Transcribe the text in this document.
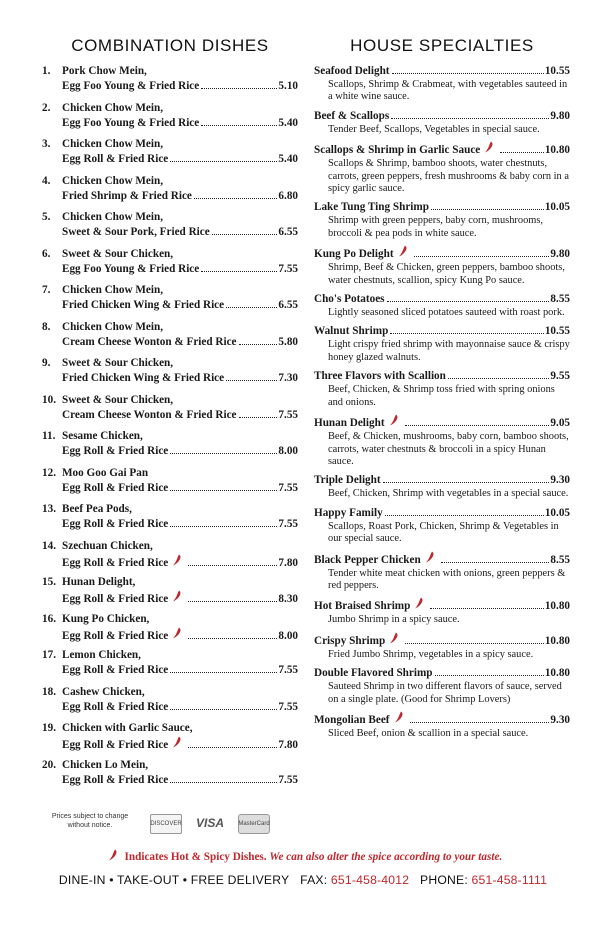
COMBINATION DISHES
1.	Pork Chow Mein,
Egg Foo Young & Fried Rice	5.10
2.	Chicken Chow Mein,
Egg Foo Young & Fried Rice	5.40
3.	Chicken Chow Mein,
Egg Roll & Fried Rice	5.40
4.	Chicken Chow Mein,
Fried Shrimp & Fried Rice	6.80
5.	Chicken Chow Mein,
Sweet & Sour Pork, Fried Rice	6.55
6.	Sweet & Sour Chicken,
Egg Foo Young & Fried Rice	7.55
7.	Chicken Chow Mein,
Fried Chicken Wing & Fried Rice	6.55
8.	Chicken Chow Mein,
Cream Cheese Wonton & Fried Rice	5.80
9.	Sweet & Sour Chicken,
Fried Chicken Wing & Fried Rice	7.30
10. Sweet & Sour Chicken,
Cream Cheese Wonton & Fried Rice	7.55
11. Sesame Chicken,
Egg Roll & Fried Rice	8.00
12. Moo Goo Gai Pan
Egg Roll & Fried Rice	7.55
13. Beef Pea Pods,
Egg Roll & Fried Rice	7.55
14. Szechuan Chicken,
Egg Roll & Fried Rice	7.80
15. Hunan Delight,
Egg Roll & Fried Rice	8.30
16. Kung Po Chicken,
Egg Roll & Fried Rice	8.00
17. Lemon Chicken,
Egg Roll & Fried Rice	7.55
18. Cashew Chicken,
Egg Roll & Fried Rice	7.55
19. Chicken with Garlic Sauce,
Egg Roll & Fried Rice	7.80
20. Chicken Lo Mein,
Egg Roll & Fried Rice	7.55
HOUSE SPECIALTIES
Seafood Delight	10.55
Scallops, Shrimp & Crabmeat, with vegetables sauteed in a white wine sauce.
Beef & Scallops	9.80
Tender Beef, Scallops, Vegetables in special sauce.
Scallops & Shrimp in Garlic Sauce	10.80
Scallops & Shrimp, bamboo shoots, water chestnuts, carrots, green peppers, fresh mushrooms & baby corn in a spicy garlic sauce.
Lake Tung Ting Shrimp	10.05
Shrimp with green peppers, baby corn, mushrooms, broccoli & pea pods in white sauce.
Kung Po Delight	9.80
Shrimp, Beef & Chicken, green peppers, bamboo shoots, water chestnuts, scallion, spicy Kung Po sauce.
Cho's Potatoes	8.55
Lightly seasoned sliced potatoes sauteed with roast pork.
Walnut Shrimp	10.55
Light crispy fried shrimp with mayonnaise sauce & crispy honey glazed walnuts.
Three Flavors with Scallion	9.55
Beef, Chicken, & Shrimp toss fried with spring onions and onions.
Hunan Delight	9.05
Beef, & Chicken, mushrooms, baby corn, bamboo shoots, carrots, water chestnuts & broccoli in a spicy Hunan sauce.
Triple Delight	9.30
Beef, Chicken, Shrimp with vegetables in a special sauce.
Happy Family	10.05
Scallops, Roast Pork, Chicken, Shrimp & Vegetables in our special sauce.
Black Pepper Chicken	8.55
Tender white meat chicken with onions, green peppers & red peppers.
Hot Braised Shrimp	10.80
Jumbo Shrimp in a spicy sauce.
Crispy Shrimp	10.80
Fried Jumbo Shrimp, vegetables in a spicy sauce.
Double Flavored Shrimp	10.80
Sauteed Shrimp in two different flavors of sauce, served on a single plate. (Good for Shrimp Lovers)
Mongolian Beef	9.30
Sliced Beef, onion & scallion in a special sauce.
Prices subject to change
without notice.	DISCOVER VISA	MasterCard
Indicates Hot & Spicy Dishes. We can also alter the spice according to your taste.
DINE-IN • TAKE-OUT • FREE DELIVERY FAX: 651-458-4012 PHONE: 651-458-1111
